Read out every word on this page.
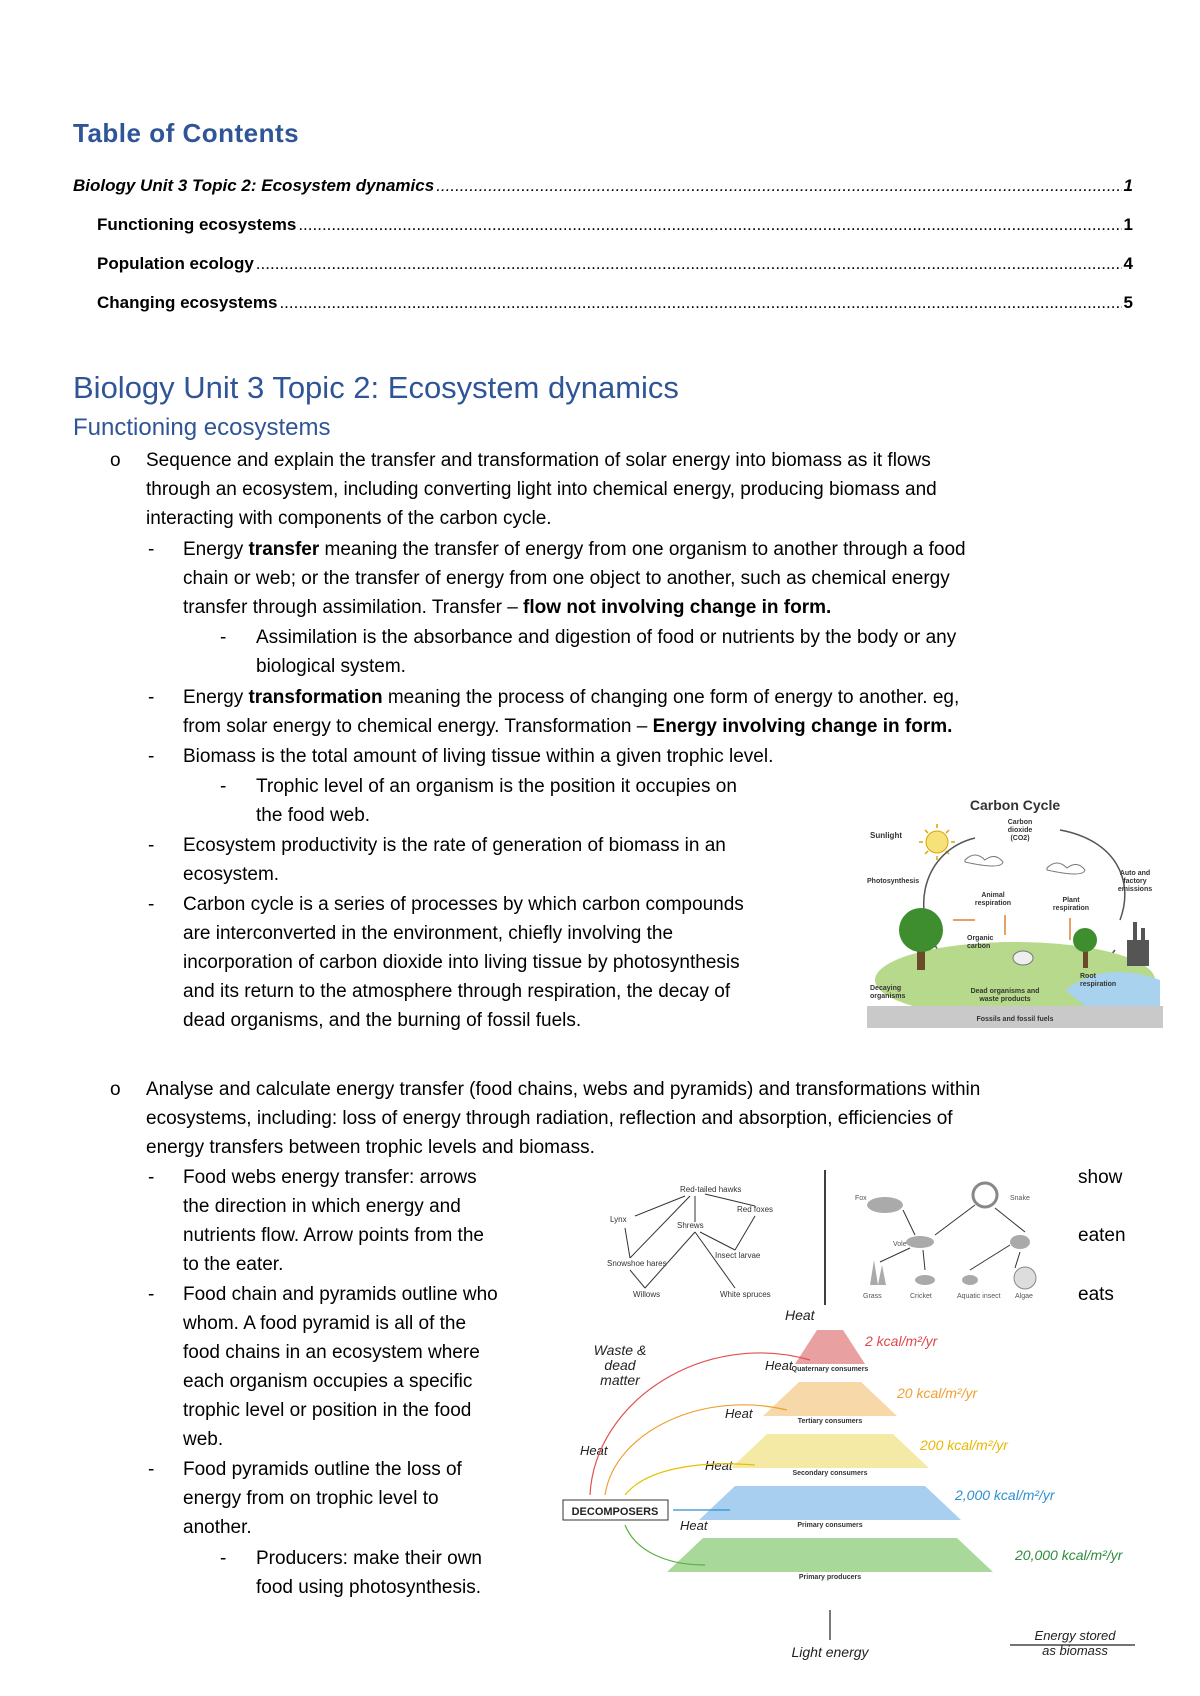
Table of Contents
Biology Unit 3 Topic 2: Ecosystem dynamics .....	1
Functioning ecosystems .....	1
Population ecology .....	4
Changing ecosystems .....	5
Biology Unit 3 Topic 2: Ecosystem dynamics
Functioning ecosystems
o Sequence and explain the transfer and transformation of solar energy into biomass as it flows
through an ecosystem, including converting light into chemical energy, producing biomass and
interacting with components of the carbon cycle.
- Energy transfer meaning the transfer of energy from one organism to another through a food
chain or web; or the transfer of energy from one object to another, such as chemical energy
transfer through assimilation. Transfer – flow not involving change in form.
- Assimilation is the absorbance and digestion of food or nutrients by the body or any
biological system.
- Energy transformation meaning the process of changing one form of energy to another. eg,
from solar energy to chemical energy. Transformation – Energy involving change in form.
- Biomass is the total amount of living tissue within a given trophic level.
- Trophic level of an organism is the position it occupies on
the food web.
- Ecosystem productivity is the rate of generation of biomass in an
ecosystem.
- Carbon cycle is a series of processes by which carbon compounds
are interconverted in the environment, chiefly involving the
incorporation of carbon dioxide into living tissue by photosynthesis
and its return to the atmosphere through respiration, the decay of
dead organisms, and the burning of fossil fuels.
Carbon Cycle
Sunlight
Carbon
dioxide
(CO2)
Photosynthesis
Animal
respiration	Plant
respiration
Auto and
factory
emissions
Fossils and fossil fuels
Organic
carbon
Root
respiration
Decaying
organisms
Dead organisms and
waste products
o Analyse and calculate energy transfer (food chains, webs and pyramids) and transformations within
ecosystems, including: loss of energy through radiation, reflection and absorption, efficiencies of
energy transfers between trophic levels and biomass.
- Food webs energy transfer: arrows
the direction in which energy and
nutrients flow. Arrow points from the
to the eater.
show
eaten
- Food chain and pyramids outline who
whom. A food pyramid is all of the
food chains in an ecosystem where
each organism occupies a specific
trophic level or position in the food
web.
eats
- Food pyramids outline the loss of
energy from on trophic level to
another.
- Producers: make their own
food using photosynthesis.
Red-tailed hawks
Lynx
Red foxes
Shrews
Insect larvae
Snowshoe hares
Willows	White spruces
Fox	Snake
Vole
Grass	Cricket	Aquatic insect Algae
Quaternary consumers
Tertiary consumers
Secondary consumers
Primary consumers
Primary producers
2 kcal/m²/yr
20 kcal/m²/yr
200 kcal/m²/yr
2,000 kcal/m²/yr
20,000 kcal/m²/yr
Heat
Heat
Heat
Heat
Heat
Heat
Waste &
dead
matter
Light energy
Energy stored
as biomass
DECOMPOSERS
